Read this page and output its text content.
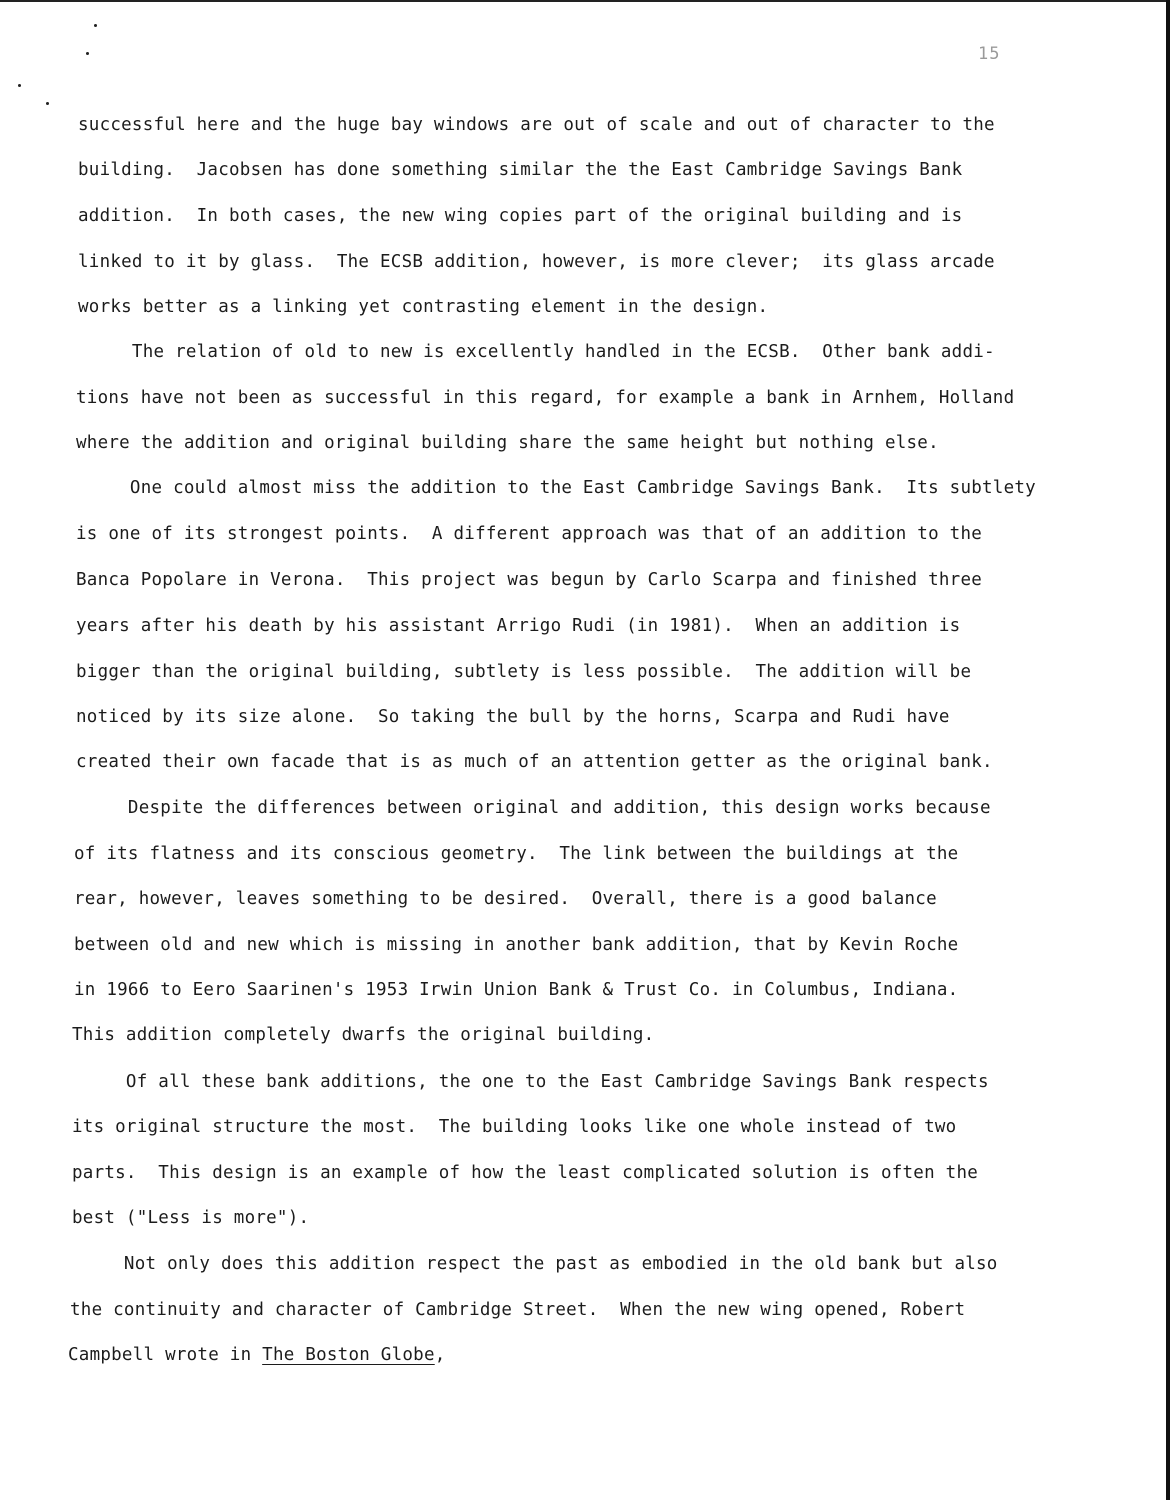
15
successful here and the huge bay windows are out of scale and out of character to the
building.  Jacobsen has done something similar the the East Cambridge Savings Bank
addition.  In both cases, the new wing copies part of the original building and is
linked to it by glass.  The ECSB addition, however, is more clever;  its glass arcade
works better as a linking yet contrasting element in the design.
The relation of old to new is excellently handled in the ECSB.  Other bank addi-
tions have not been as successful in this regard, for example a bank in Arnhem, Holland
where the addition and original building share the same height but nothing else.
One could almost miss the addition to the East Cambridge Savings Bank.  Its subtlety
is one of its strongest points.  A different approach was that of an addition to the
Banca Popolare in Verona.  This project was begun by Carlo Scarpa and finished three
years after his death by his assistant Arrigo Rudi (in 1981).  When an addition is
bigger than the original building, subtlety is less possible.  The addition will be
noticed by its size alone.  So taking the bull by the horns, Scarpa and Rudi have
created their own facade that is as much of an attention getter as the original bank.
Despite the differences between original and addition, this design works because
of its flatness and its conscious geometry.  The link between the buildings at the
rear, however, leaves something to be desired.  Overall, there is a good balance
between old and new which is missing in another bank addition, that by Kevin Roche
in 1966 to Eero Saarinen's 1953 Irwin Union Bank & Trust Co. in Columbus, Indiana.
This addition completely dwarfs the original building.
Of all these bank additions, the one to the East Cambridge Savings Bank respects
its original structure the most.  The building looks like one whole instead of two
parts.  This design is an example of how the least complicated solution is often the
best ("Less is more").
Not only does this addition respect the past as embodied in the old bank but also
the continuity and character of Cambridge Street.  When the new wing opened, Robert
Campbell wrote in The Boston Globe,
